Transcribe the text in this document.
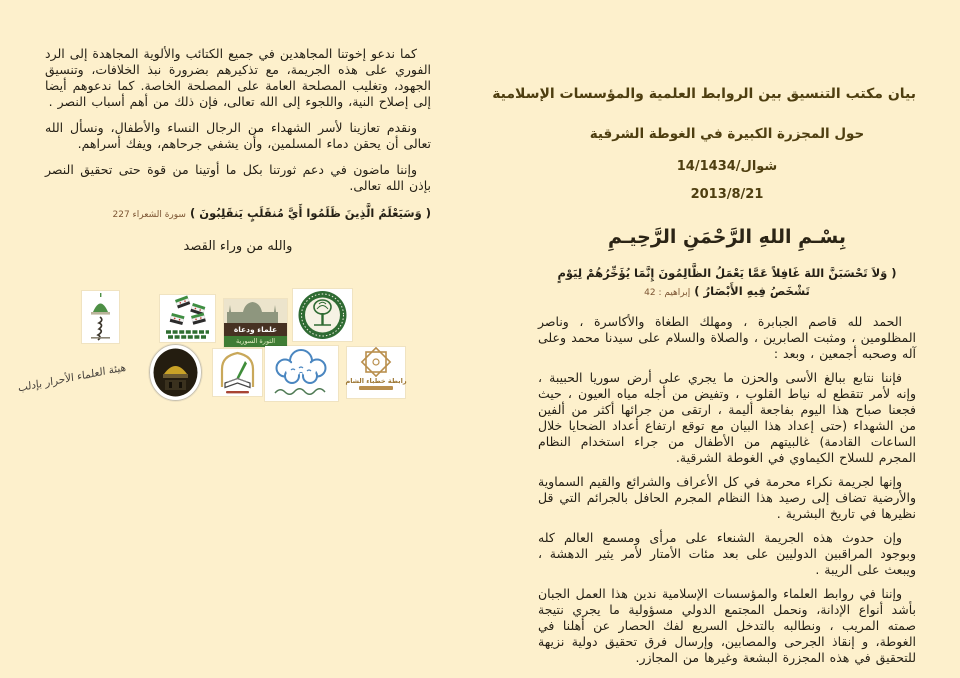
بيان مكتب التنسيق بين الروابط العلمية والمؤسسات الإسلامية
حول المجزرة الكبيرة في الغوطة الشرقية
14/شوال/1434
2013/8/21
بِسْـمِ اللهِ الرَّحْمَنِ الرَّحِيـمِ
( وَلاَ تَحْسَبَنَّ اللهَ غَافِلاً عَمَّا يَعْمَلُ الظَّالِمُونَ إِنَّمَا يُؤَخِّرُهُمْ لِيَوْمٍ تَشْخَصُ فِيهِ الأَبْصَارُ ) إبراهيم : 42

الحمد لله قاصم الجبابرة ، ومهلك الطغاة والأكاسرة ، وناصر المظلومين ، ومثبت الصابرين ، والصلاة والسلام على سيدنا محمد وعلى آله وصحبه أجمعين ، وبعد :

فإننا نتابع ببالغ الأسى والحزن ما يجري على أرض سوريا الحبيبة ، وإنه لأمر تتقطع له نياط القلوب ، وتفيض من أجله مياه العيون ، حيث فجعنا صباح هذا اليوم بفاجعة أليمة ، ارتقى من جرائها أكثر من ألفين من الشهداء (حتى إعداد هذا البيان مع توقع ارتفاع أعداد الضحايا خلال الساعات القادمة) غالبيتهم من الأطفال من جراء استخدام النظام المجرم للسلاح الكيماوي في الغوطة الشرقية.

وإنها لجريمة نكراء محرمة في كل الأعراف والشرائع والقيم السماوية والأرضية تضاف إلى رصيد هذا النظام المجرم الحافل بالجرائم التي قل نظيرها في تاريخ البشرية .

وإن حدوث هذه الجريمة الشنعاء على مرأى ومسمع العالم كله وبوجود المراقبين الدوليين على بعد مئات الأمتار لأمر يثير الدهشة ، ويبعث على الريبة .

وإننا في روابط العلماء والمؤسسات الإسلامية ندين هذا العمل الجبان بأشد أنواع الإدانة، ونحمل المجتمع الدولي مسؤولية ما يجري نتيجة صمته المريب ، ونطالبه بالتدخل السريع لفك الحصار عن أهلنا في الغوطة، و إنقاذ الجرحى والمصابين، وإرسال فرق تحقيق دولية نزيهة للتحقيق في هذه المجزرة البشعة وغيرها من المجازر.

كما ندعو إخوتنا المجاهدين في جميع الكتائب والألوية المجاهدة إلى الرد الفوري على هذه الجريمة، مع تذكيرهم بضرورة نبذ الخلافات، وتنسيق الجهود، وتغليب المصلحة العامة على المصلحة الخاصة. كما ندعوهم أيضا إلى إصلاح النية، واللجوء إلى الله تعالى، فإن ذلك من أهم أسباب النصر .

ونقدم تعازينا لأسر الشهداء من الرجال النساء والأطفال، ونسأل الله تعالى أن يحقن دماء المسلمين، وأن يشفي جرحاهم، ويفك أسراهم.

وإننا ماضون في دعم ثورتنا بكل ما أوتينا من قوة حتى تحقيق النصر بإذن الله تعالى.

( وَسَيَعْلَمُ الَّذِينَ ظَلَمُوا أَيَّ مُنقَلَبٍ يَنقَلِبُونَ ) سورة الشعراء 227
والله من وراء القصد
علماء ودعاة
الثورة السورية
رابطة خطباء الشام
هيئة العلماء الأحرار بإدلب
